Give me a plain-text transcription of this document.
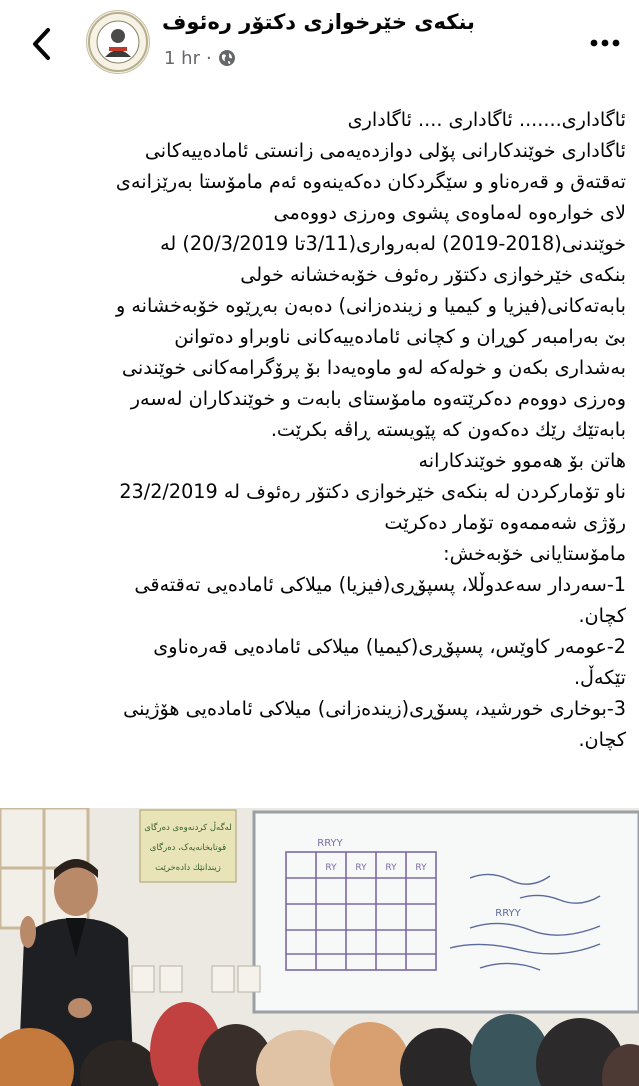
بنکەی خێرخوازی دکتۆر رەئوف
1 hr ·

ئاگاداری....... ئاگاداری .... ئاگاداری

ئاگاداری خوێندکارانی پۆلی دوازدەیەمی زانستی ئامادەییەکانی

تەقتەق و قەرەناو و سێگردکان دەکەینەوە ئەم مامۆستا بەرێزانەی

لای خوارەوە لەماوەی پشوی وەرزی دووەمی

خوێندنی(2018-2019) لەبەرواری(3/11تا 20/3/2019) لە

بنکەی خێرخوازی دکتۆر رەئوف خۆبەخشانە خولی

بابەتەکانی(فیزیا و کیمیا و زیندەزانی) دەبەن بەڕێوە خۆبەخشانە و

بێ بەرامبەر کوڕان و کچانی ئامادەییەکانی ناوبراو دەتوانن

بەشداری بکەن و خولەکە لەو ماوەیەدا بۆ پرۆگرامەکانی خوێندنی

وەرزی دووەم دەکرێتەوە مامۆستای بابەت و خوێندکاران لەسەر

بابەتێك رێك دەکەون کە پێویستە ڕاڤە بکرێت.

هاتن بۆ هەموو خوێندکارانە

ناو تۆمارکردن لە بنکەی خێرخوازی دکتۆر رەئوف لە 23/2/2019

رۆژی شەممەوە تۆمار دەکرێت

مامۆستایانی خۆبەخش:

1-سەردار سەعدوڵلا، پسپۆڕی(فیزیا) میلاکی ئامادەیی تەقتەقی

کچان.

2-عومەر کاوێس، پسپۆڕی(کیمیا) میلاکی ئامادەیی قەرەناوی

تێکەڵ.

3-بوخاری خورشید، پسۆڕی(زیندەزانی) میلاکی ئامادەیی هۆژینی

کچان.

لەگەڵ کردنەوەی دەرگای
قوتابخانەیەک، دەرگای
زیندانێك دادەخرێت
RRYY
RY RY RY RY
RRYY
